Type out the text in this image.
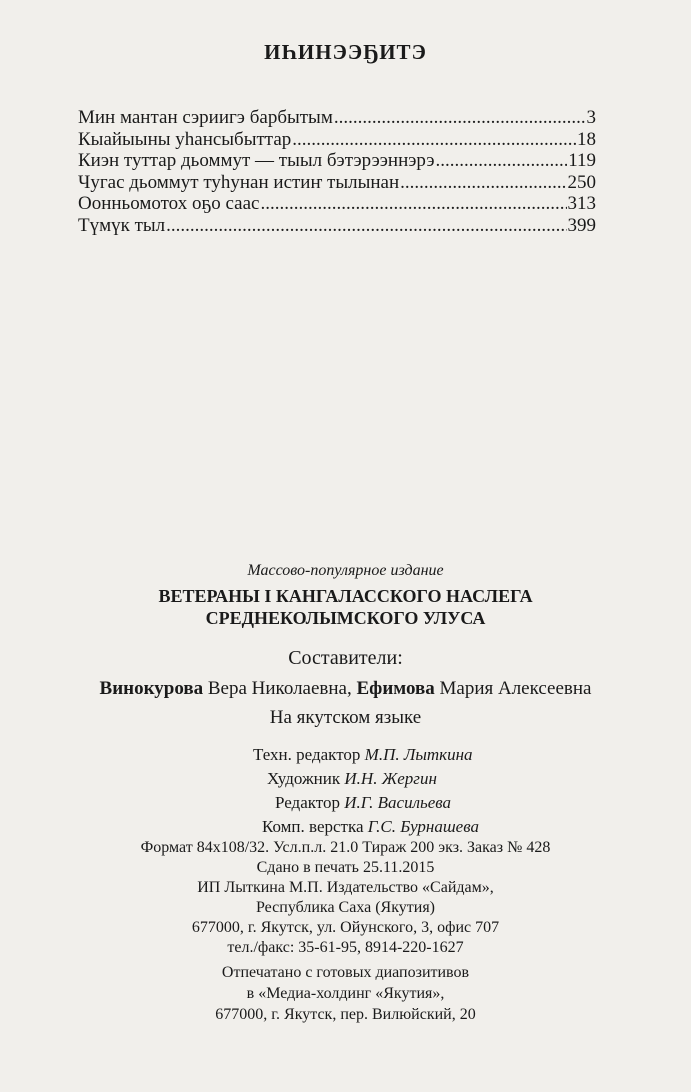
ИҺИНЭЭҔИТЭ
Мин мантан сэриигэ барбытым .....	3
Кыайыыны уһансыбыттар .....	18
Киэн туттар дьоммут — тыыл бэтэрээннэрэ .....	119
Чугас дьоммут туһунан истиҥ тылынан .....	250
Оонньомотох оҕо саас .....	313
Түмүк тыл .....	399
Массово-популярное издание
ВЕТЕРАНЫ I КАНГАЛАССКОГО НАСЛЕГА
СРЕДНЕКОЛЫМСКОГО УЛУСА
Составители:
Винокурова Вера Николаевна, Ефимова Мария Алексеевна
На якутском языке
Техн. редактор М.П. Лыткина
Художник И.Н. Жергин
Редактор И.Г. Васильева
Комп. верстка Г.С. Бурнашева
Формат 84x108/32. Усл.п.л. 21.0 Тираж 200 экз. Заказ № 428
Сдано в печать 25.11.2015
ИП Лыткина М.П. Издательство «Сайдам»,
Республика Саха (Якутия)
677000, г. Якутск, ул. Ойунского, 3, офис 707
тел./факс: 35-61-95, 8914-220-1627
Отпечатано с готовых диапозитивов
в «Медиа-холдинг «Якутия»,
677000, г. Якутск, пер. Вилюйский, 20
